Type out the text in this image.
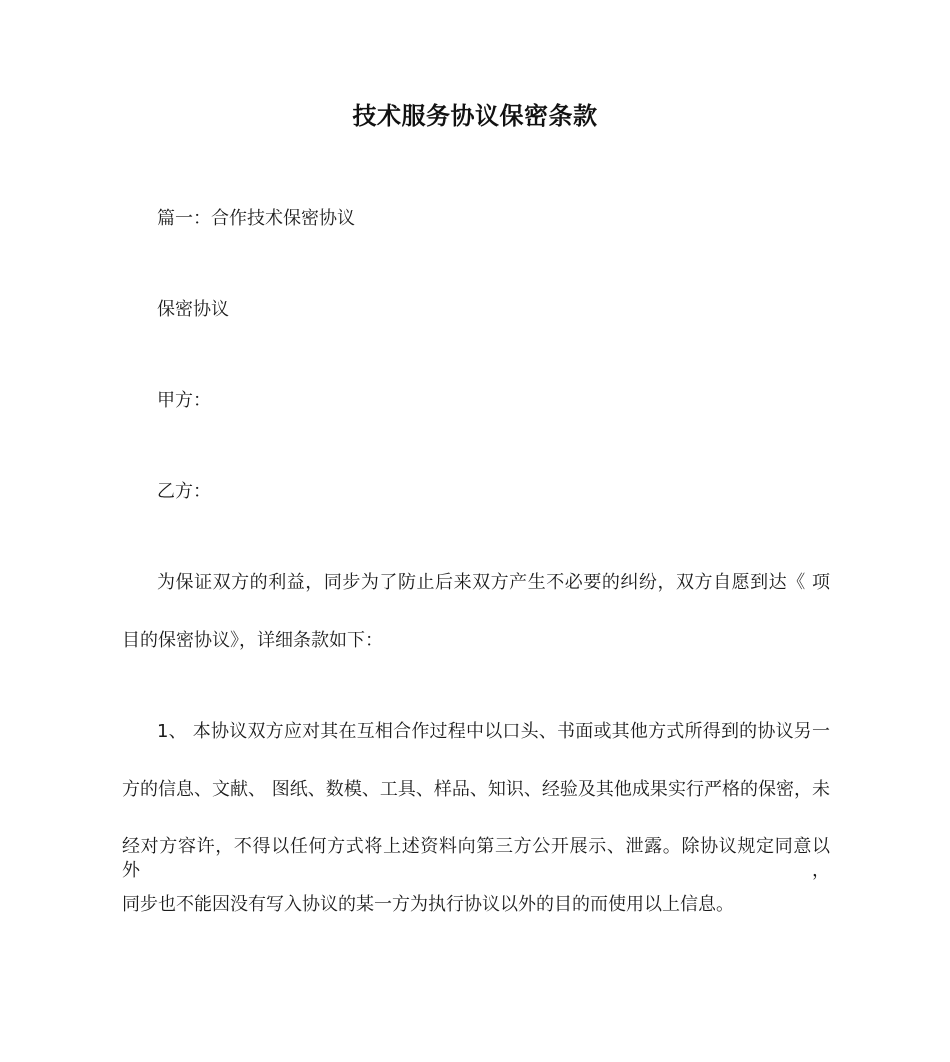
技术服务协议保密条款
篇一：合作技术保密协议
保密协议
甲方：
乙方：
为保证双方的利益，同步为了防止后来双方产生不必要的纠纷，双方自愿到达《 项
目的保密协议》，详细条款如下：
1、 本协议双方应对其在互相合作过程中以口头、书面或其他方式所得到的协议另一
方的信息、文献、 图纸、数模、工具、样品、知识、经验及其他成果实行严格的保密，未
经对方容许，不得以任何方式将上述资料向第三方公开展示、泄露。除协议规定同意以外，
同步也不能因没有写入协议的某一方为执行协议以外的目的而使用以上信息。
